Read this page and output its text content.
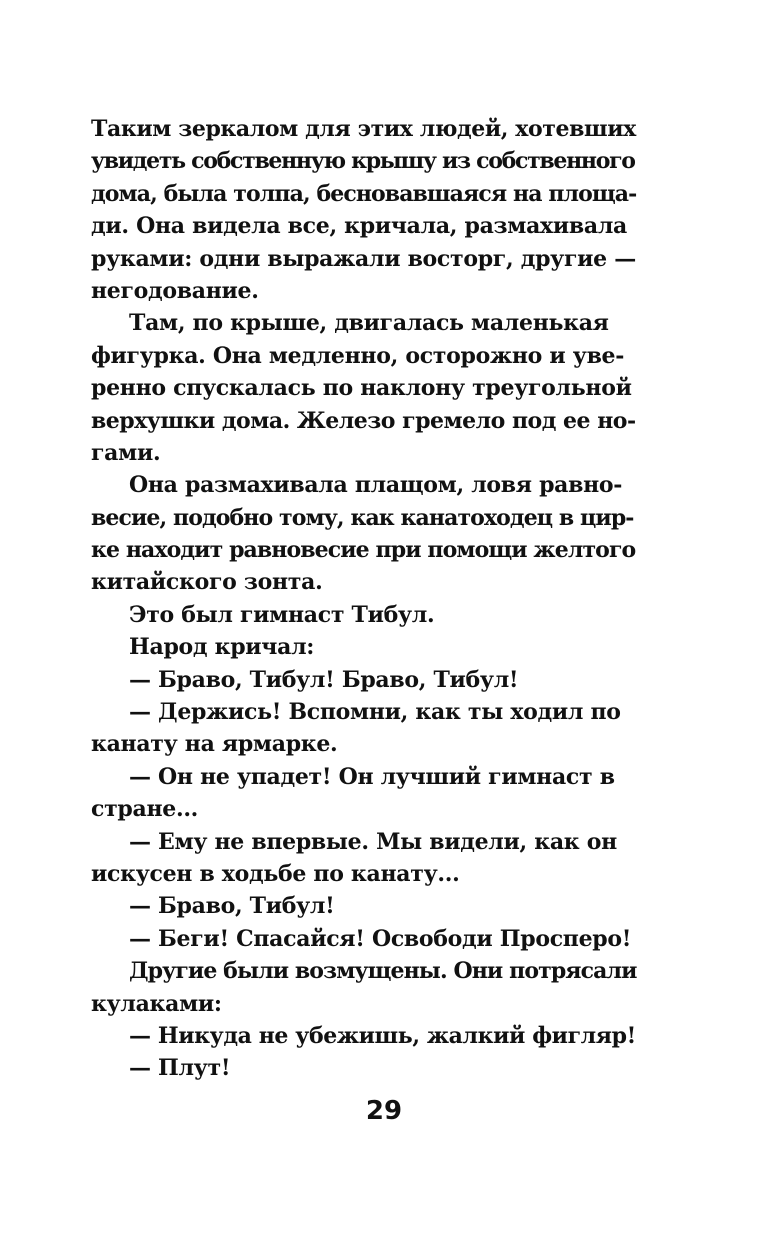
Таким зеркалом для этих людей, хотевших
увидеть собственную крышу из собственного
дома, была толпа, бесновавшаяся на площа-
ди. Она видела все, кричала, размахивала
руками: одни выражали восторг, другие —
негодование.
Там, по крыше, двигалась маленькая
фигурка. Она медленно, осторожно и уве-
ренно спускалась по наклону треугольной
верхушки дома. Железо гремело под ее но-
гами.
Она размахивала плащом, ловя равно-
весие, подобно тому, как канатоходец в цир-
ке находит равновесие при помощи желтого
китайского зонта.
Это был гимнаст Тибул.
Народ кричал:
— Браво, Тибул! Браво, Тибул!
— Держись! Вспомни, как ты ходил по
канату на ярмарке.
— Он не упадет! Он лучший гимнаст в
стране...
— Ему не впервые. Мы видели, как он
искусен в ходьбе по канату...
— Браво, Тибул!
— Беги! Спасайся! Освободи Просперо!
Другие были возмущены. Они потрясали
кулаками:
— Никуда не убежишь, жалкий фигляр!
— Плут!
29
